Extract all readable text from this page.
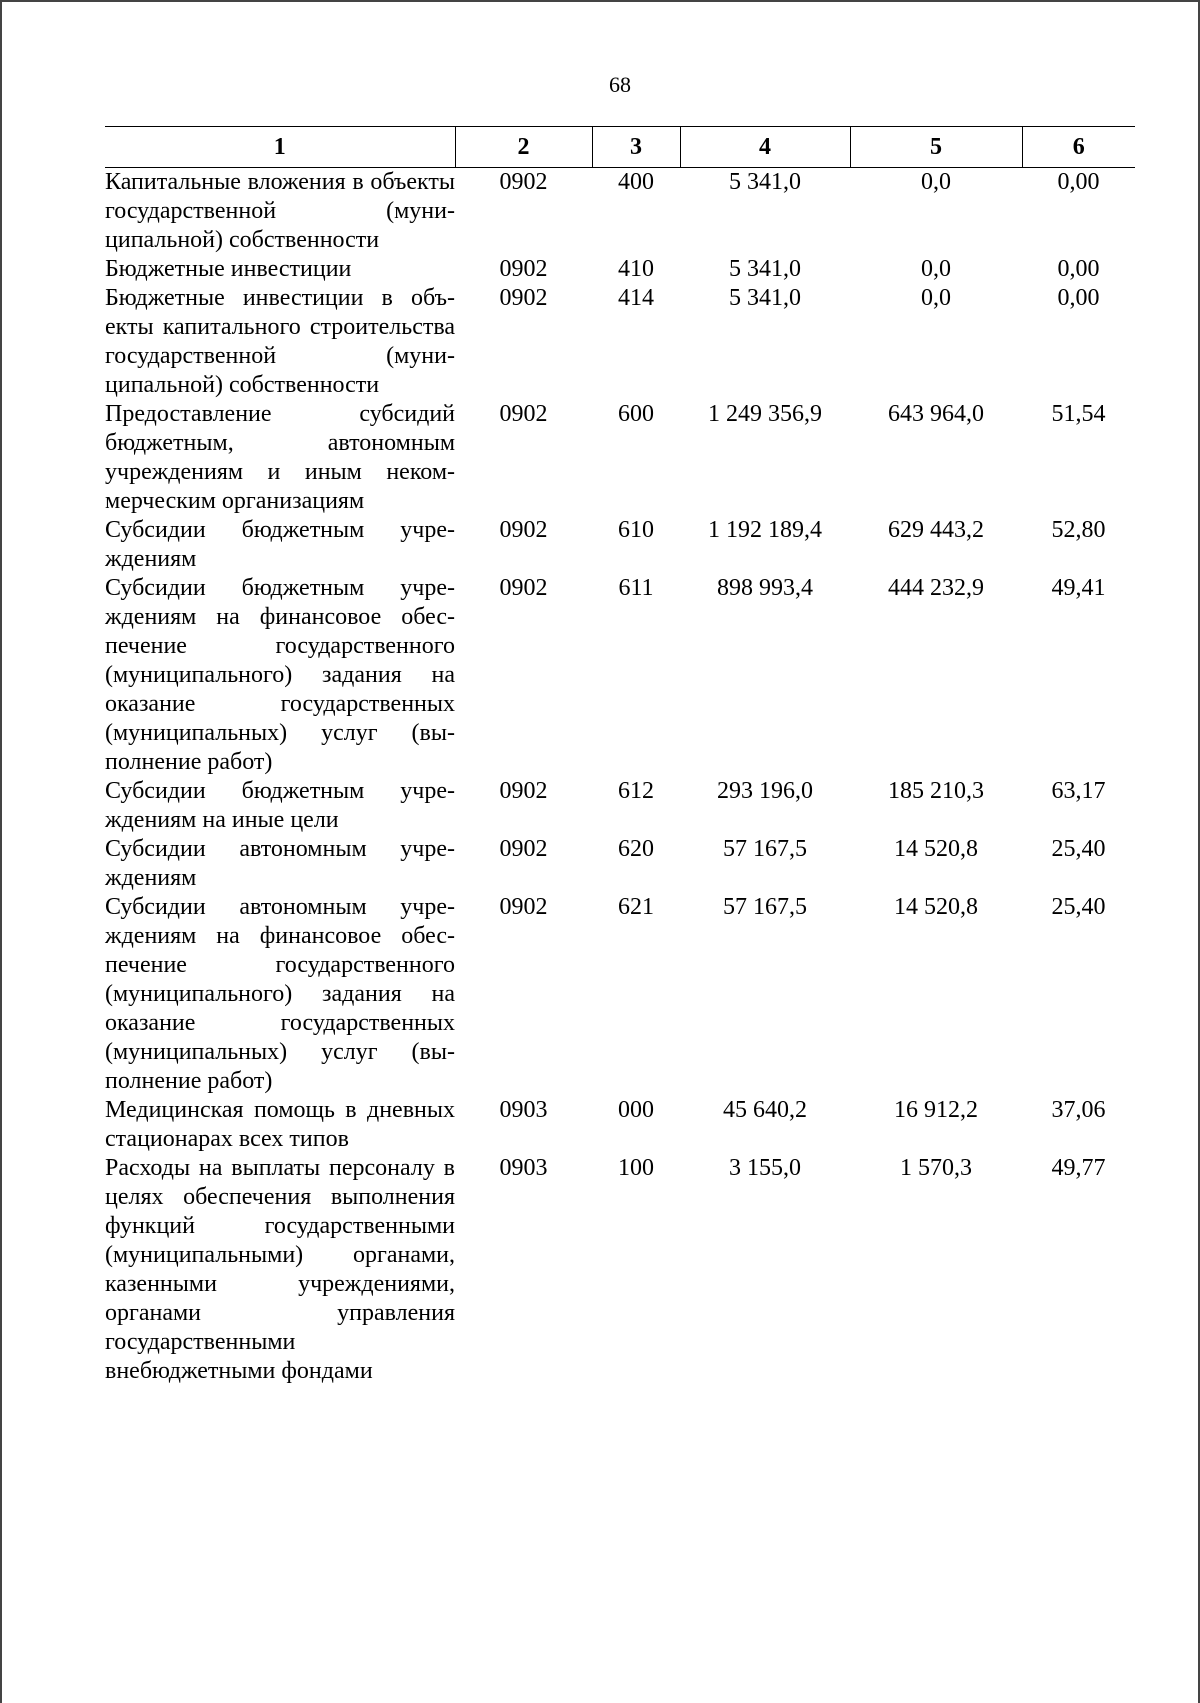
68
1	2	3	4	5	6
Капитальные вложения в объекты государственной (муниципальной) собственности	0902	400	5 341,0	0,0	0,00
Бюджетные инвестиции	0902	410	5 341,0	0,0	0,00
Бюджетные инвестиции в объекты капитального строительства государственной (муниципальной) собственности	0902	414	5 341,0	0,0	0,00
Предоставление субсидий бюджетным, автономным учреждениям и иным некоммерческим организациям	0902	600	1 249 356,9	643 964,0	51,54
Субсидии бюджетным учреждениям	0902	610	1 192 189,4	629 443,2	52,80
Субсидии бюджетным учреждениям на финансовое обеспечение государственного (муниципального) задания на оказание государственных (муниципальных) услуг (выполнение работ)	0902	611	898 993,4	444 232,9	49,41
Субсидии бюджетным учреждениям на иные цели	0902	612	293 196,0	185 210,3	63,17
Субсидии автономным учреждениям	0902	620	57 167,5	14 520,8	25,40
Субсидии автономным учреждениям на финансовое обеспечение государственного (муниципального) задания на оказание государственных (муниципальных) услуг (выполнение работ)	0902	621	57 167,5	14 520,8	25,40
Медицинская помощь в дневных стационарах всех типов	0903	000	45 640,2	16 912,2	37,06
Расходы на выплаты персоналу в целях обеспечения выполнения функций государственными (муниципальными) органами, казенными учреждениями, органами управления государственными внебюджетными фондами	0903	100	3 155,0	1 570,3	49,77
